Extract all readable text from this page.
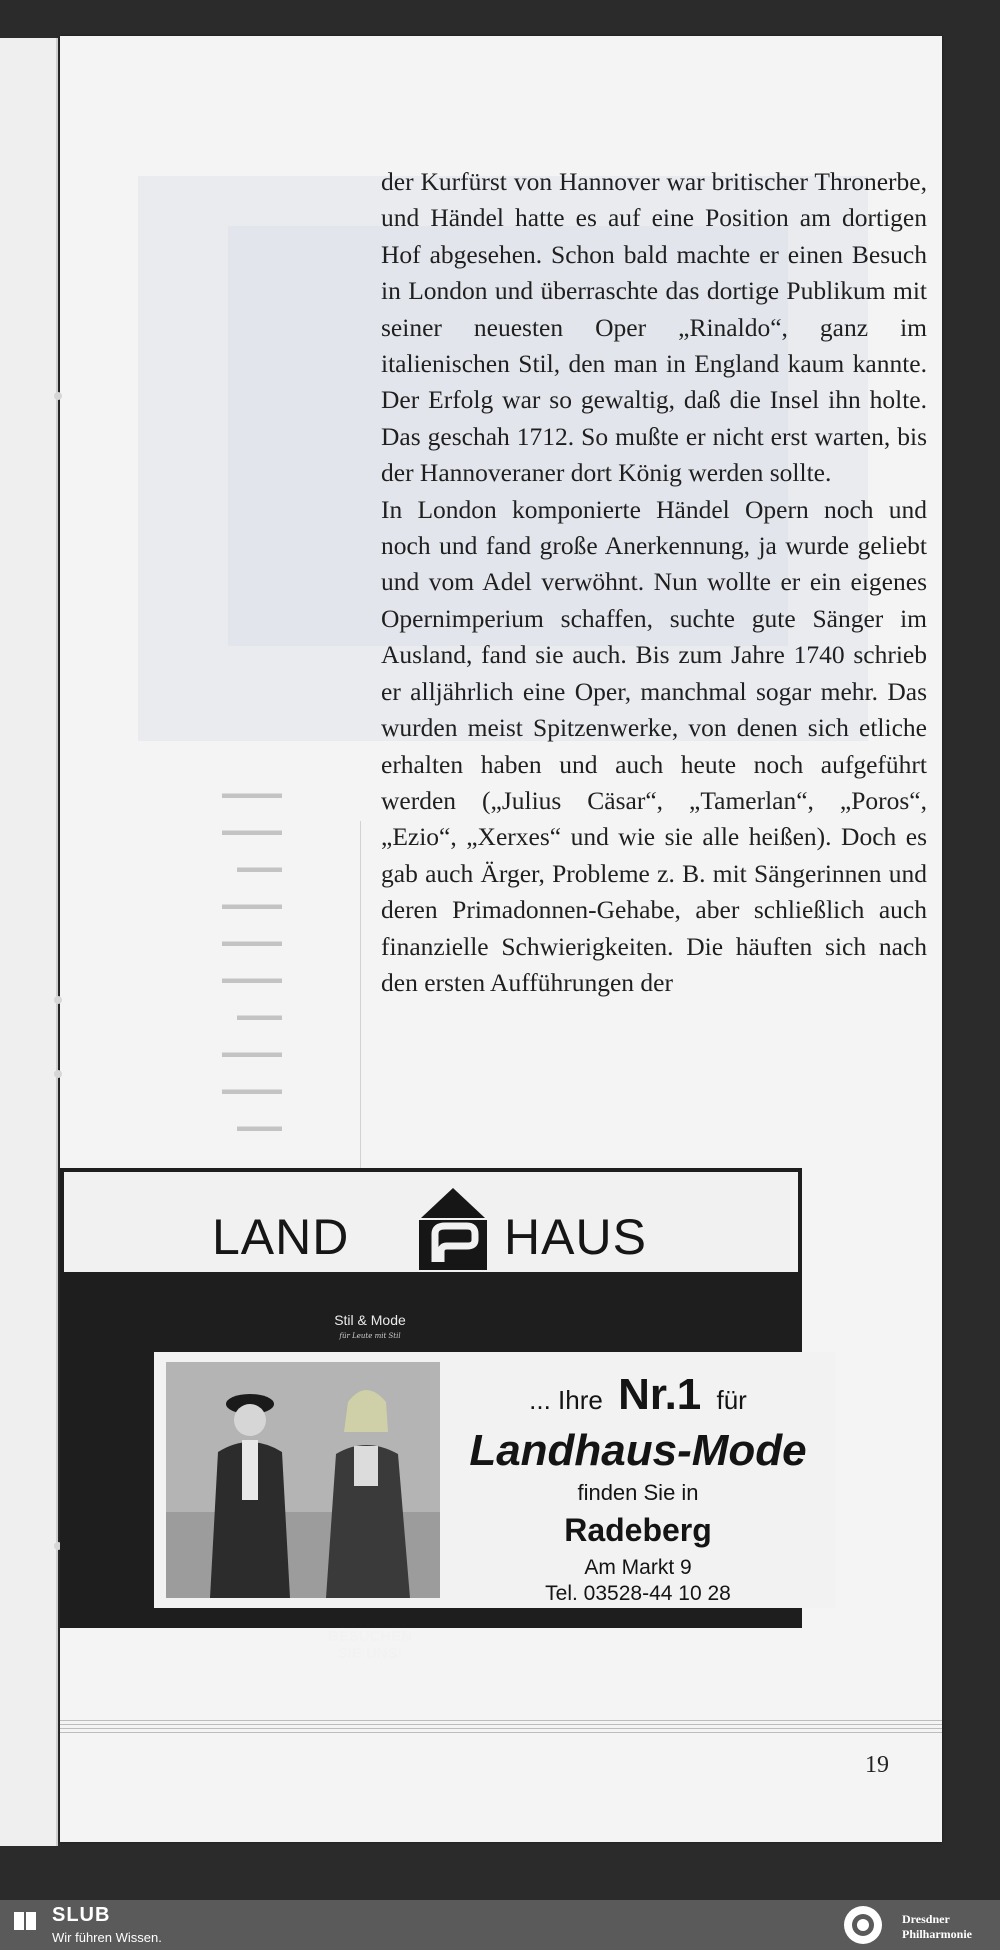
▬▬▬▬
▬▬▬▬
▬▬▬
▬▬▬▬
▬▬▬▬
▬▬▬▬
▬▬▬
▬▬▬▬
▬▬▬▬
▬▬▬

der Kurfürst von Hannover war britischer Thronerbe, und Händel hatte es auf eine Position am dortigen Hof abgesehen. Schon bald machte er einen Besuch in London und überraschte das dortige Publikum mit seiner neuesten Oper „Rinaldo“, ganz im italienischen Stil, den man in England kaum kannte. Der Erfolg war so gewaltig, daß die Insel ihn holte. Das geschah 1712. So mußte er nicht erst warten, bis der Hannoveraner dort König werden sollte.

In London komponierte Händel Opern noch und noch und fand große Anerkennung, ja wurde geliebt und vom Adel verwöhnt. Nun wollte er ein eigenes Opernimperium schaffen, suchte gute Sänger im Ausland, fand sie auch. Bis zum Jahre 1740 schrieb er alljährlich eine Oper, manchmal sogar mehr. Das wurden meist Spitzenwerke, von denen sich etliche erhalten haben und auch heute noch aufgeführt werden („Julius Cäsar“, „Tamerlan“, „Poros“, „Ezio“, „Xerxes“ und wie sie alle heißen). Doch es gab auch Ärger, Probleme z. B. mit Sängerinnen und deren Primadonnen-Gehabe, aber schließlich auch finanzielle Schwierigkeiten. Die häuften sich nach den ersten Aufführungen der

19
LAND	HAUS
... Ihre Nr.1 für
Landhaus-Mode
finden Sie in
Radeberg
Am Markt 9
Tel. 03528-44 10 28
Stil & Mode
für Leute mit Stil
BESUCHEN
SIE UNS!
SLUB
Wir führen Wissen.
Dresdner
Philharmonie
